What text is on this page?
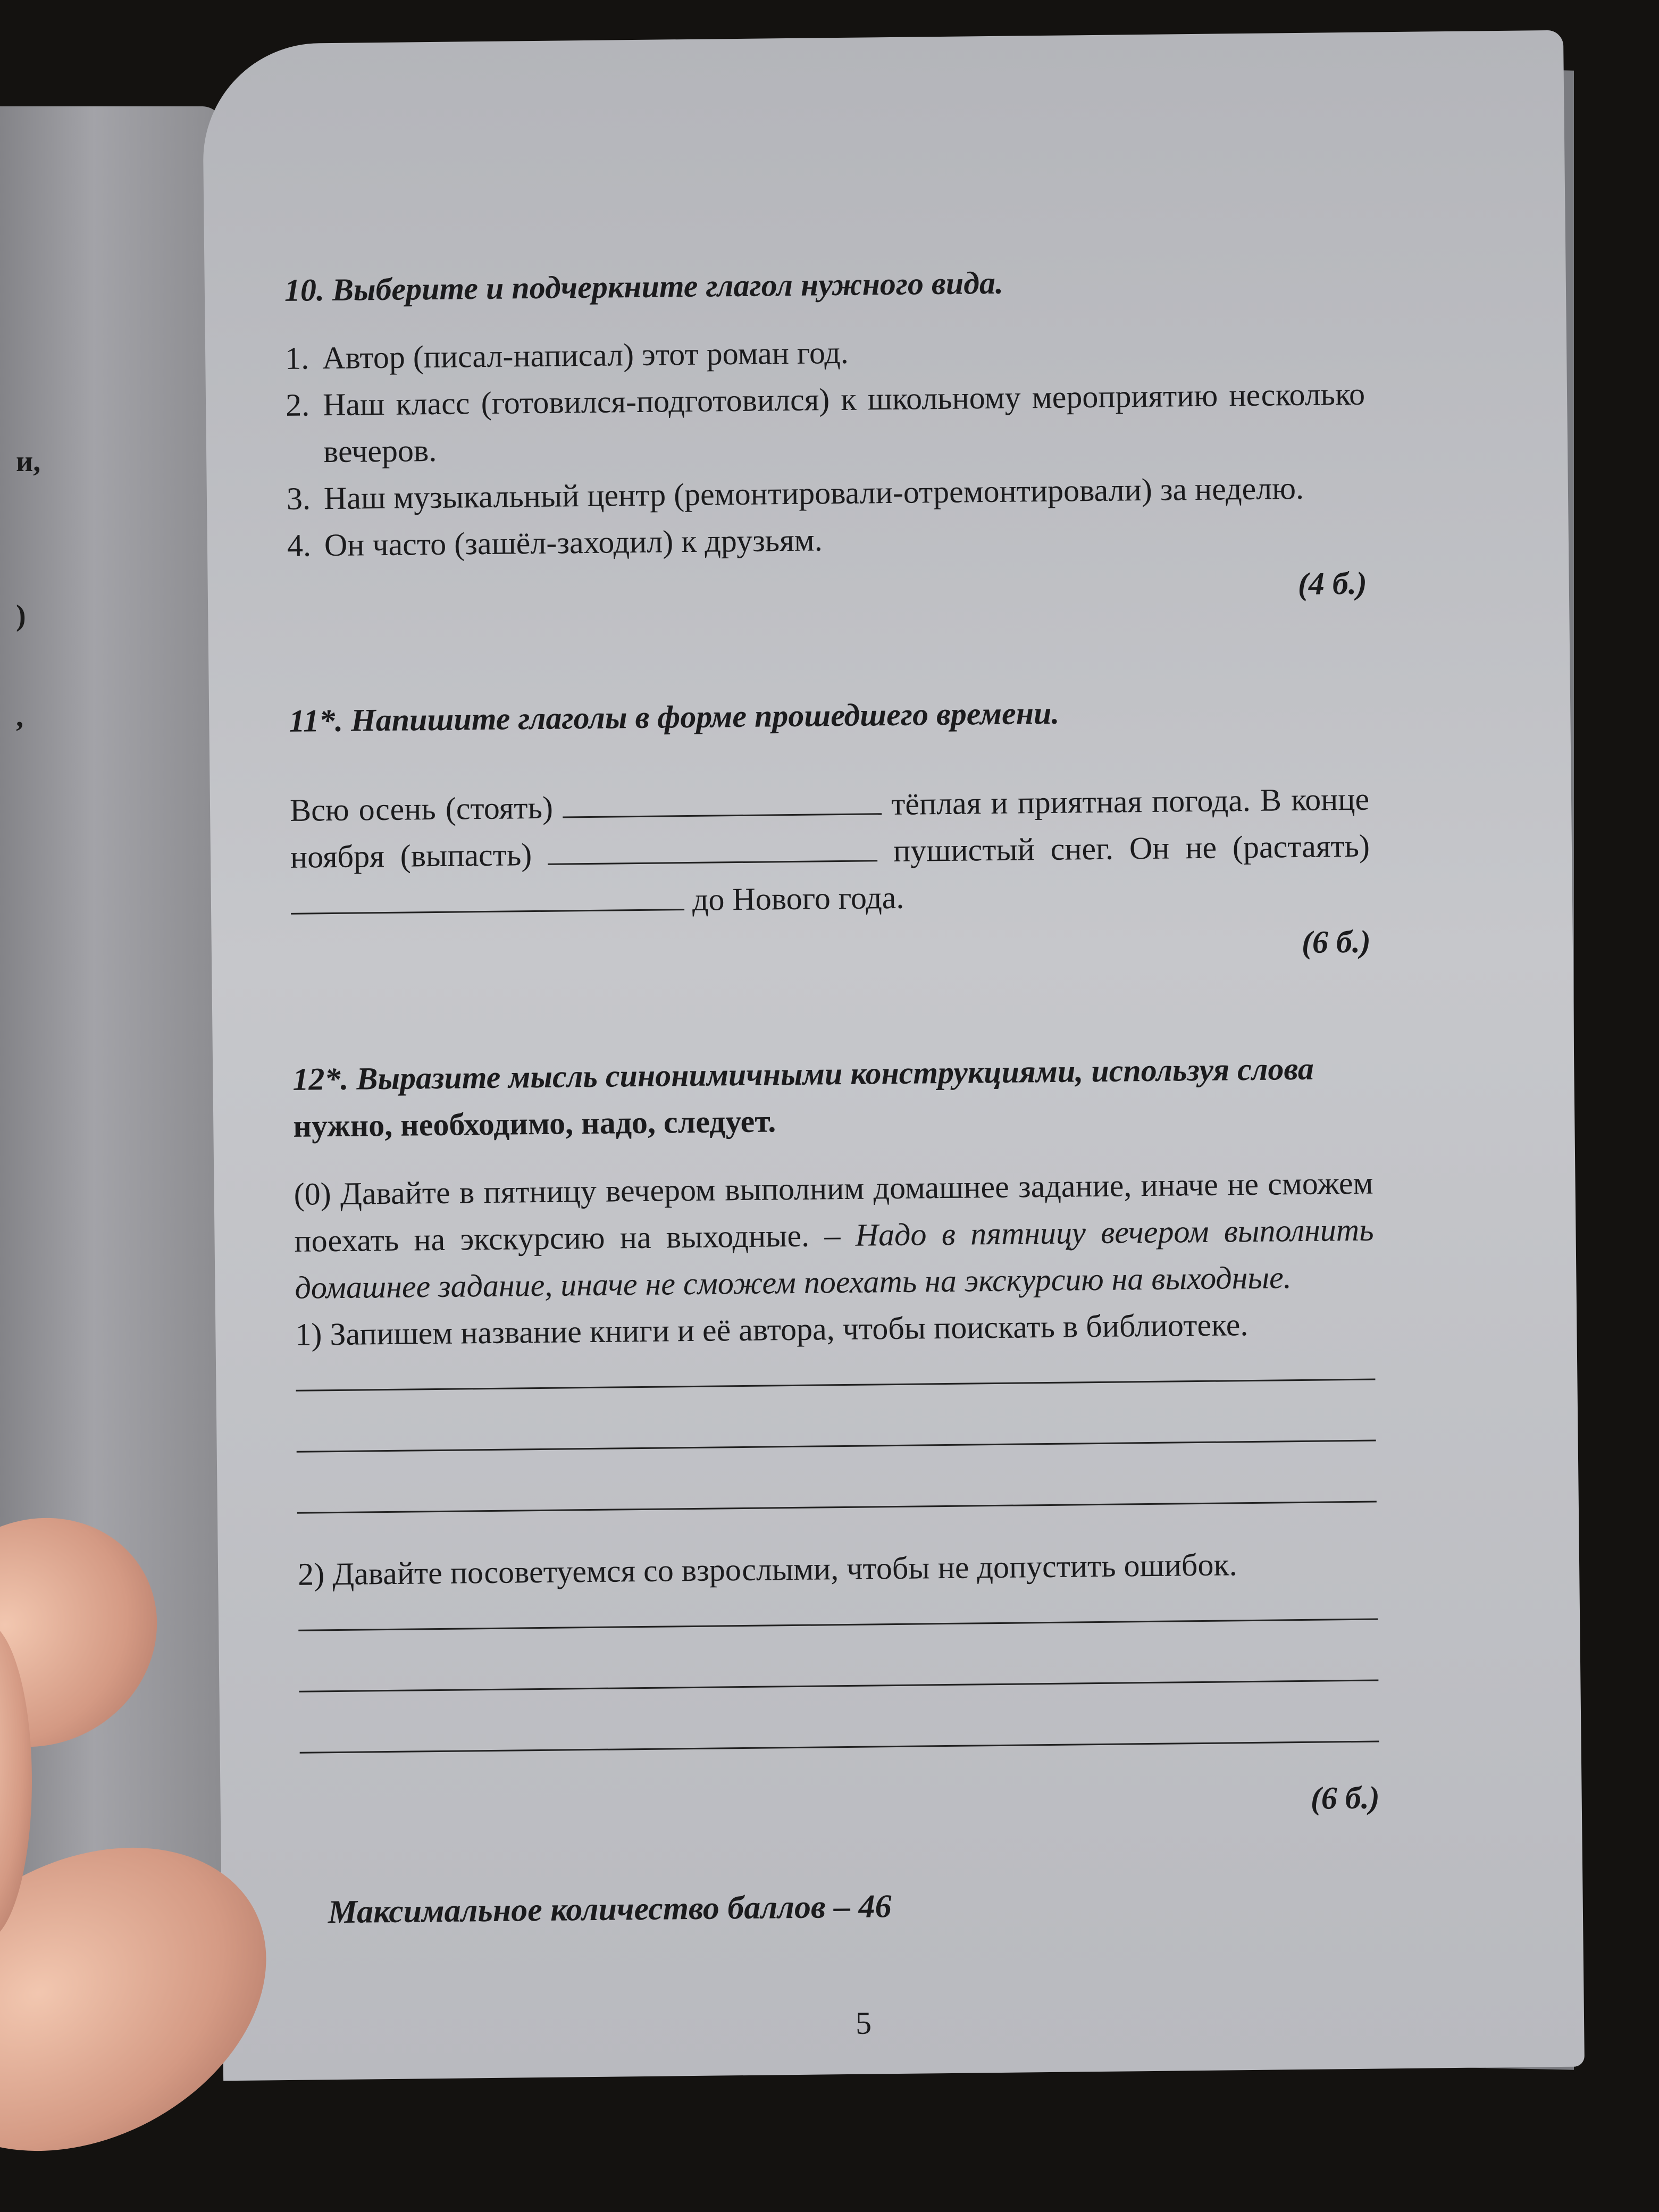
и,
)
,
10. Выберите и подчеркните глагол нужного вида.
1. Автор (писал-написал) этот роман год.
2. Наш класс (готовился-подготовился) к школьному мероприятию несколько вечеров.
3. Наш музыкальный центр (ремонтировали-отремонтировали) за неделю.
4. Он часто (зашёл-заходил) к друзьям.
(4 б.)
11*. Напишите глаголы в форме прошедшего времени.
Всю осень (стоять)	тёплая и приятная погода. В конце ноября (выпасть)	пушистый снег. Он не (растаять)  до Нового года.
(6 б.)
12*. Выразите мысль синонимичными конструкциями, используя слова
нужно, необходимо, надо, следует.
(0) Давайте в пятницу вечером выполним домашнее задание, иначе не сможем поехать на экскурсию на выходные. – Надо в пятницу вечером выполнить домашнее задание, иначе не сможем поехать на экскурсию на выходные.
1) Запишем название книги и её автора, чтобы поискать в библиотеке.
2) Давайте посоветуемся со взрослыми, чтобы не допустить ошибок.
(6 б.)
Максимальное количество баллов – 46
5
